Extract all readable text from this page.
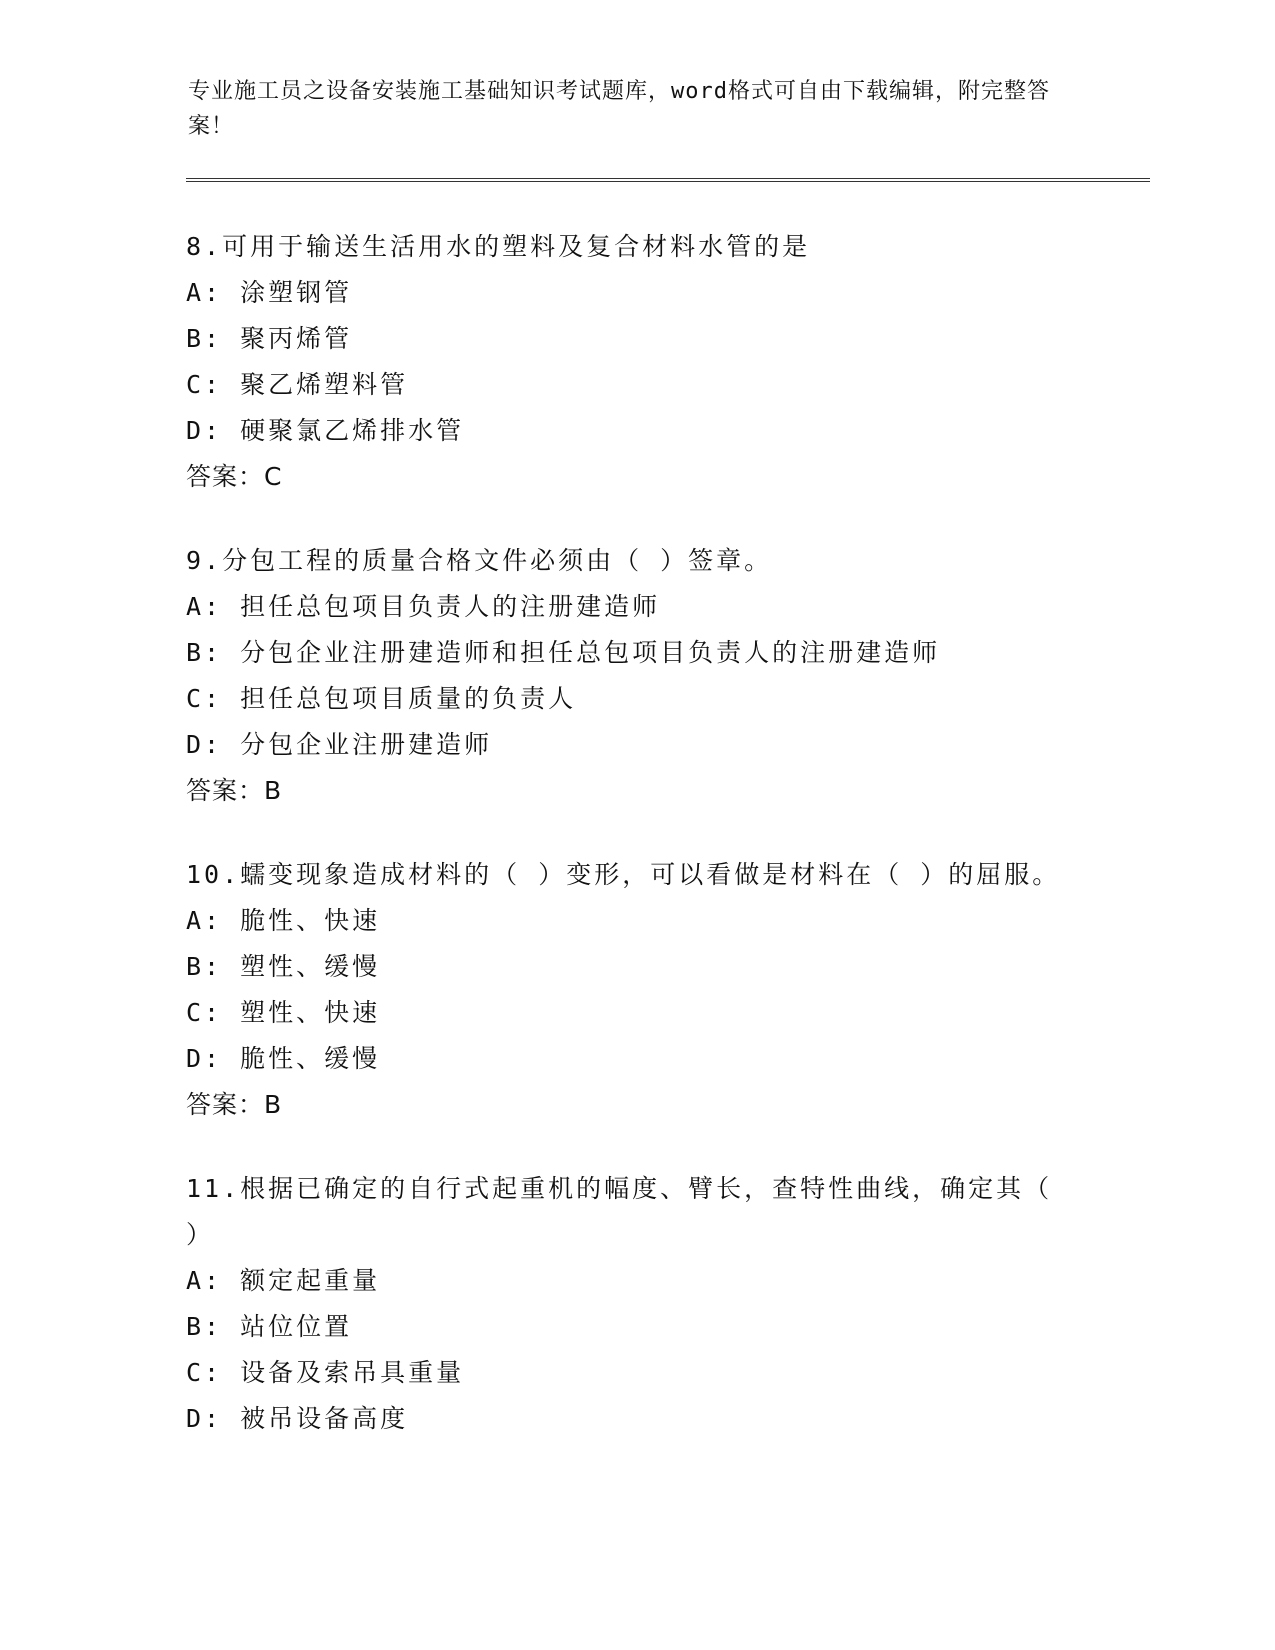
专业施工员之设备安装施工基础知识考试题库，word格式可自由下载编辑，附完整答案！
8.可用于输送生活用水的塑料及复合材料水管的是
A: 涂塑钢管
B: 聚丙烯管
C: 聚乙烯塑料管
D: 硬聚氯乙烯排水管
答案：C
9.分包工程的质量合格文件必须由（ ）签章。
A: 担任总包项目负责人的注册建造师
B: 分包企业注册建造师和担任总包项目负责人的注册建造师
C: 担任总包项目质量的负责人
D: 分包企业注册建造师
答案：B
10.蠕变现象造成材料的（ ）变形，可以看做是材料在（ ）的屈服。
A: 脆性、快速
B: 塑性、缓慢
C: 塑性、快速
D: 脆性、缓慢
答案：B
11.根据已确定的自行式起重机的幅度、臂长，查特性曲线，确定其（
）
A: 额定起重量
B: 站位位置
C: 设备及索吊具重量
D: 被吊设备高度
